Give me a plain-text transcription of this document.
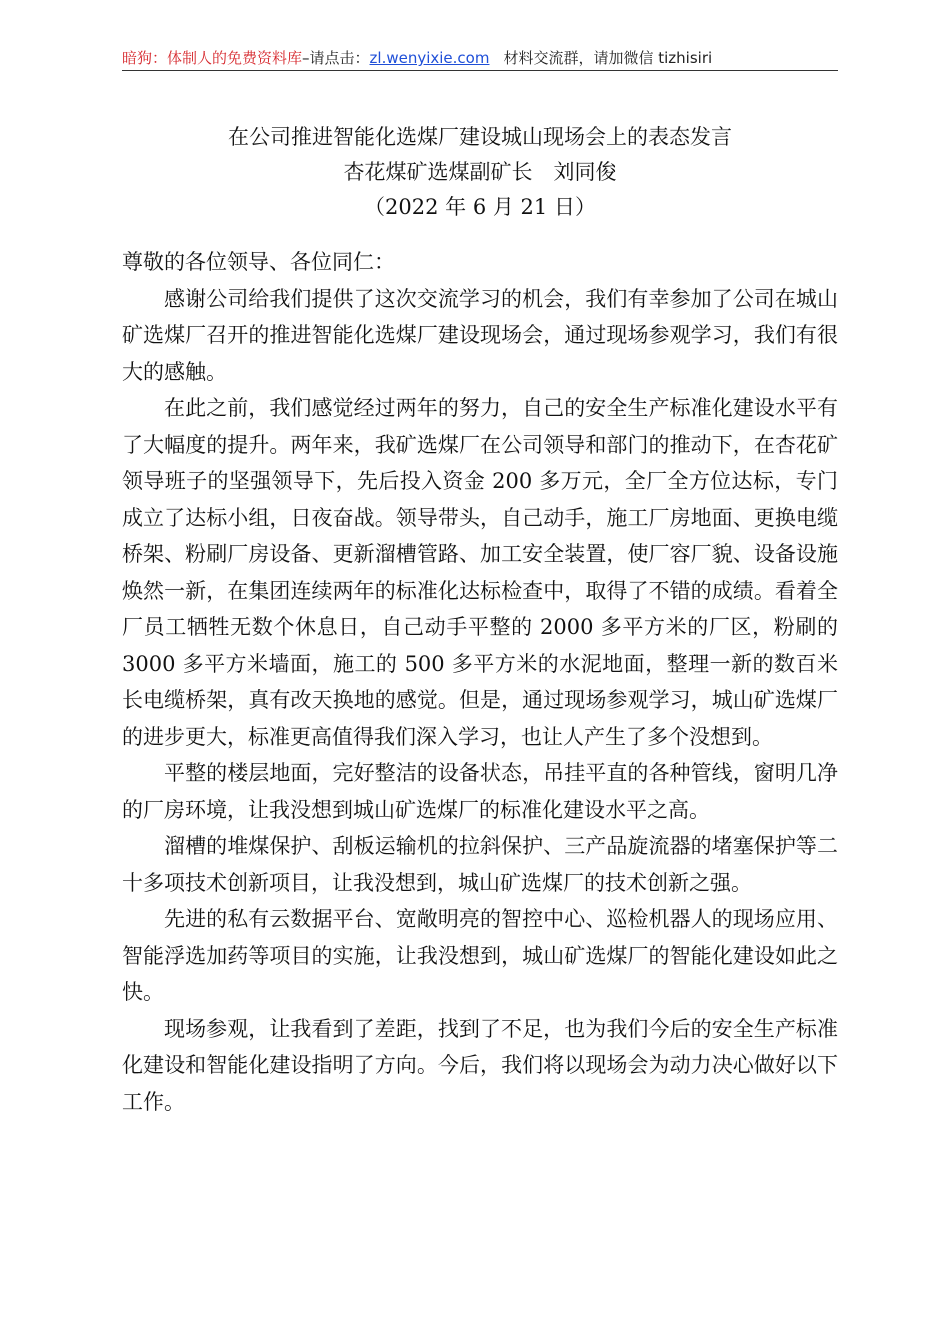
暗狗：体制人的免费资料库–请点击：zl.wenyixie.com 材料交流群，请加微信 tizhisiri
在公司推进智能化选煤厂建设城山现场会上的表态发言
杏花煤矿选煤副矿长　刘同俊
（2022 年 6 月 21 日）

尊敬的各位领导、各位同仁：

感谢公司给我们提供了这次交流学习的机会，我们有幸参加了公司在城山矿选煤厂召开的推进智能化选煤厂建设现场会，通过现场参观学习，我们有很大的感触。

在此之前，我们感觉经过两年的努力，自己的安全生产标准化建设水平有了大幅度的提升。两年来，我矿选煤厂在公司领导和部门的推动下，在杏花矿领导班子的坚强领导下，先后投入资金 200 多万元，全厂全方位达标，专门成立了达标小组，日夜奋战。领导带头，自己动手，施工厂房地面、更换电缆桥架、粉刷厂房设备、更新溜槽管路、加工安全装置，使厂容厂貌、设备设施焕然一新，在集团连续两年的标准化达标检查中，取得了不错的成绩。看着全厂员工牺牲无数个休息日，自己动手平整的 2000 多平方米的厂区，粉刷的 3000 多平方米墙面，施工的 500 多平方米的水泥地面，整理一新的数百米长电缆桥架，真有改天换地的感觉。但是，通过现场参观学习，城山矿选煤厂的进步更大，标准更高值得我们深入学习，也让人产生了多个没想到。

平整的楼层地面，完好整洁的设备状态，吊挂平直的各种管线，窗明几净的厂房环境，让我没想到城山矿选煤厂的标准化建设水平之高。

溜槽的堆煤保护、刮板运输机的拉斜保护、三产品旋流器的堵塞保护等二十多项技术创新项目，让我没想到，城山矿选煤厂的技术创新之强。

先进的私有云数据平台、宽敞明亮的智控中心、巡检机器人的现场应用、智能浮选加药等项目的实施，让我没想到，城山矿选煤厂的智能化建设如此之快。

现场参观，让我看到了差距，找到了不足，也为我们今后的安全生产标准化建设和智能化建设指明了方向。今后，我们将以现场会为动力决心做好以下工作。
